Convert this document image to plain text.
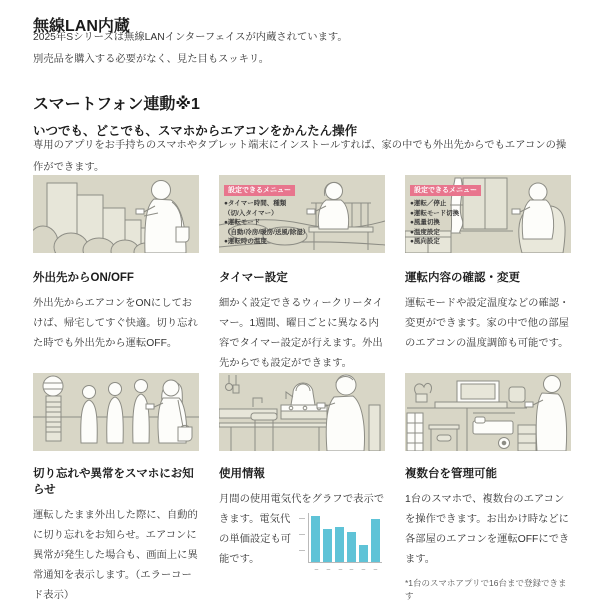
無線LAN内蔵
2025年Sシリーズは無線LANインターフェイスが内蔵されています。
別売品を購入する必要がなく、見た目もスッキリ。
スマートフォン連動※1
いつでも、どこでも、スマホからエアコンをかんたん操作

専用のアプリをお手持ちのスマホやタブレット端末にインストールすれば、家の中でも外出先からでもエアコンの操作ができます。

設定できるメニュー
●タイマー時間、種類
（切/入タイマー）
●運転モード
（自動/冷房/暖房/送風/除湿）
●運転時の温度
設定できるメニュー
●運転／停止
●運転モード切換
●風量切換
●温度設定
●風向設定
外出先からON/OFF

外出先からエアコンをONにしておけば、帰宅してすぐ快適。切り忘れた時でも外出先から運転OFF。

タイマー設定

細かく設定できるウィークリータイマー。1週間、曜日ごとに異なる内容でタイマー設定が行えます。外出先からでも設定ができます。

運転内容の確認・変更

運転モードや設定温度などの確認・変更ができます。家の中で他の部屋のエアコンの温度調節も可能です。

切り忘れや異常をスマホにお知らせ

運転したまま外出した際に、自動的に切り忘れをお知らせ。エアコンに異常が発生した場合も、画面上に異常通知を表示します。（エラーコード表示）

使用情報

月間の使用電気代をグラフで表示できます。電気代の単価設定も可能です。

複数台を管理可能

1台のスマホで、複数台のエアコンを操作できます。お出かけ時などに各部屋のエアコンを運転OFFにできます。

*1台のスマホアプリで16台まで登録できます
